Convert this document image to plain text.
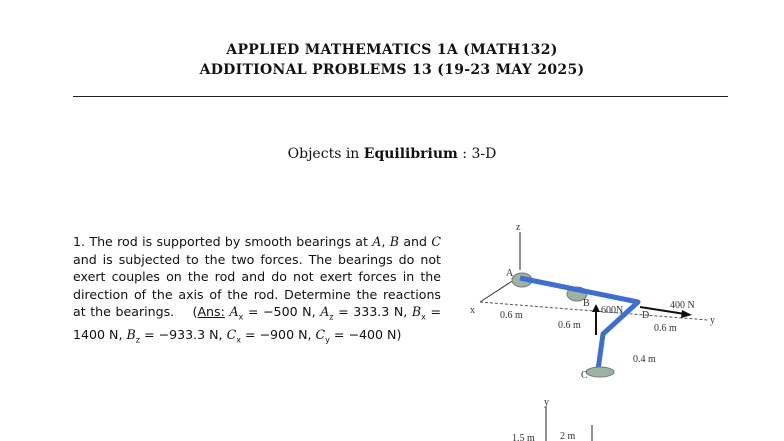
APPLIED MATHEMATICS 1A (MATH132)
ADDITIONAL PROBLEMS 13 (19-23 MAY 2025)
Objects in Equilibrium : 3-D
1. The rod is supported by smooth bearings at A, B and C and is subjected to the two forces. The bearings do not exert couples on the rod and do not exert forces in the direction of the axis of the rod. Determine the reactions at the bearings. (Ans: $A_x = -500$ N, $A_z = 333.3$ N, $B_x = 1400$ N, $B_z = -933.3$ N, $C_x = -900$ N, $C_y = -400$ N)
z
x
y
A
B
C
D
600N	400 N
0.6 m
0.6 m	0.6 m
0.4 m
y
1.5 m	2 m
